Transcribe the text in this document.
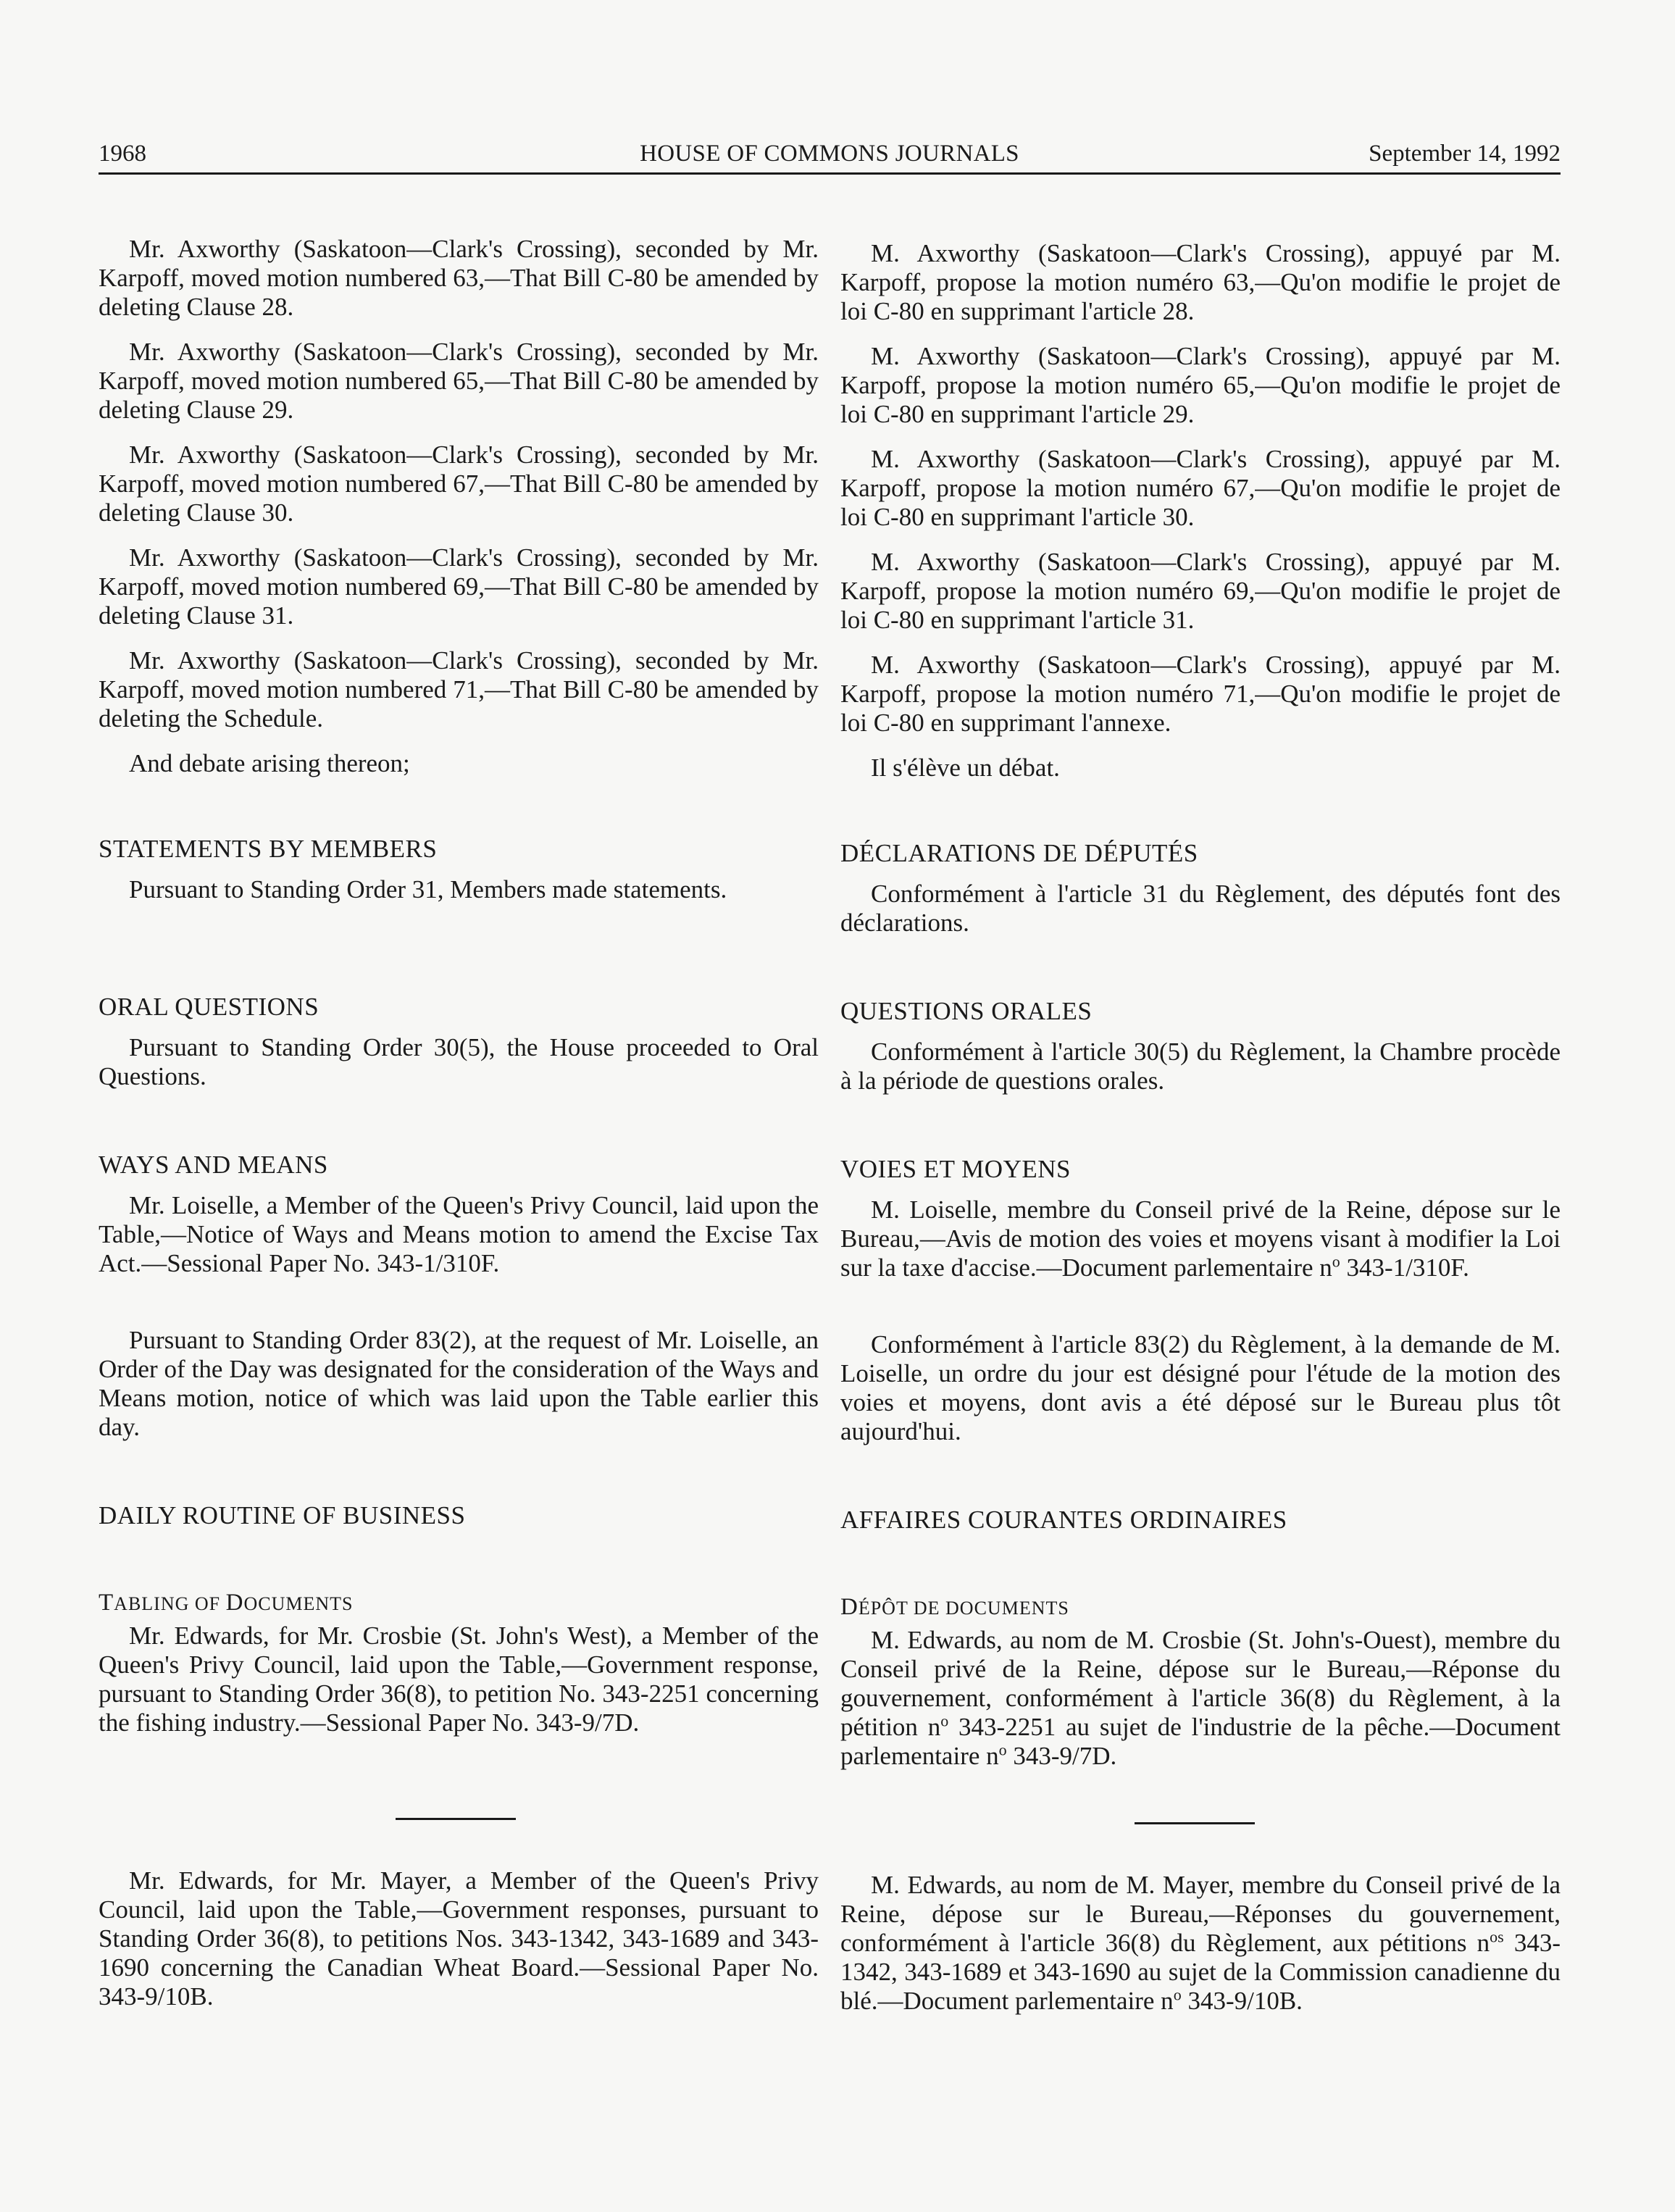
1968	HOUSE OF COMMONS JOURNALS	September 14, 1992

Mr. Axworthy (Saskatoon—Clark's Crossing), seconded by Mr. Karpoff, moved motion numbered 63,—That Bill C-80 be amended by deleting Clause 28.

Mr. Axworthy (Saskatoon—Clark's Crossing), seconded by Mr. Karpoff, moved motion numbered 65,—That Bill C-80 be amended by deleting Clause 29.

Mr. Axworthy (Saskatoon—Clark's Crossing), seconded by Mr. Karpoff, moved motion numbered 67,—That Bill C-80 be amended by deleting Clause 30.

Mr. Axworthy (Saskatoon—Clark's Crossing), seconded by Mr. Karpoff, moved motion numbered 69,—That Bill C-80 be amended by deleting Clause 31.

Mr. Axworthy (Saskatoon—Clark's Crossing), seconded by Mr. Karpoff, moved motion numbered 71,—That Bill C-80 be amended by deleting the Schedule.

And debate arising thereon;

STATEMENTS BY MEMBERS

Pursuant to Standing Order 31, Members made statements.

ORAL QUESTIONS

Pursuant to Standing Order 30(5), the House proceeded to Oral Questions.

WAYS AND MEANS

Mr. Loiselle, a Member of the Queen's Privy Council, laid upon the Table,—Notice of Ways and Means motion to amend the Excise Tax Act.—Sessional Paper No. 343-1/310F.

Pursuant to Standing Order 83(2), at the request of Mr. Loiselle, an Order of the Day was designated for the consideration of the Ways and Means motion, notice of which was laid upon the Table earlier this day.

DAILY ROUTINE OF BUSINESS
TABLING OF DOCUMENTS

Mr. Edwards, for Mr. Crosbie (St. John's West), a Member of the Queen's Privy Council, laid upon the Table,—Government response, pursuant to Standing Order 36(8), to petition No. 343-2251 concerning the fishing industry.—Sessional Paper No. 343-9/7D.

Mr. Edwards, for Mr. Mayer, a Member of the Queen's Privy Council, laid upon the Table,—Government responses, pursuant to Standing Order 36(8), to petitions Nos. 343-1342, 343-1689 and 343-1690 concerning the Canadian Wheat Board.—Sessional Paper No. 343-9/10B.

M. Axworthy (Saskatoon—Clark's Crossing), appuyé par M. Karpoff, propose la motion numéro 63,—Qu'on modifie le projet de loi C-80 en supprimant l'article 28.

M. Axworthy (Saskatoon—Clark's Crossing), appuyé par M. Karpoff, propose la motion numéro 65,—Qu'on modifie le projet de loi C-80 en supprimant l'article 29.

M. Axworthy (Saskatoon—Clark's Crossing), appuyé par M. Karpoff, propose la motion numéro 67,—Qu'on modifie le projet de loi C-80 en supprimant l'article 30.

M. Axworthy (Saskatoon—Clark's Crossing), appuyé par M. Karpoff, propose la motion numéro 69,—Qu'on modifie le projet de loi C-80 en supprimant l'article 31.

M. Axworthy (Saskatoon—Clark's Crossing), appuyé par M. Karpoff, propose la motion numéro 71,—Qu'on modifie le projet de loi C-80 en supprimant l'annexe.

Il s'élève un débat.

DÉCLARATIONS DE DÉPUTÉS

Conformément à l'article 31 du Règlement, des députés font des déclarations.

QUESTIONS ORALES

Conformément à l'article 30(5) du Règlement, la Chambre procède à la période de questions orales.

VOIES ET MOYENS

M. Loiselle, membre du Conseil privé de la Reine, dépose sur le Bureau,—Avis de motion des voies et moyens visant à modifier la Loi sur la taxe d'accise.—Document parlementaire $n^o$ 343-1/310F.

Conformément à l'article 83(2) du Règlement, à la demande de M. Loiselle, un ordre du jour est désigné pour l'étude de la motion des voies et moyens, dont avis a été déposé sur le Bureau plus tôt aujourd'hui.

AFFAIRES COURANTES ORDINAIRES
DÉPÔT DE DOCUMENTS

M. Edwards, au nom de M. Crosbie (St. John's-Ouest), membre du Conseil privé de la Reine, dépose sur le Bureau,—Réponse du gouvernement, conformément à l'article 36(8) du Règlement, à la pétition $n^o$ 343-2251 au sujet de l'industrie de la pêche.—Document parlementaire $n^o$ 343-9/7D.

M. Edwards, au nom de M. Mayer, membre du Conseil privé de la Reine, dépose sur le Bureau,—Réponses du gouvernement, conformément à l'article 36(8) du Règlement, aux pétitions $n^{os}$ 343-1342, 343-1689 et 343-1690 au sujet de la Commission canadienne du blé.—Document parlementaire $n^o$ 343-9/10B.
